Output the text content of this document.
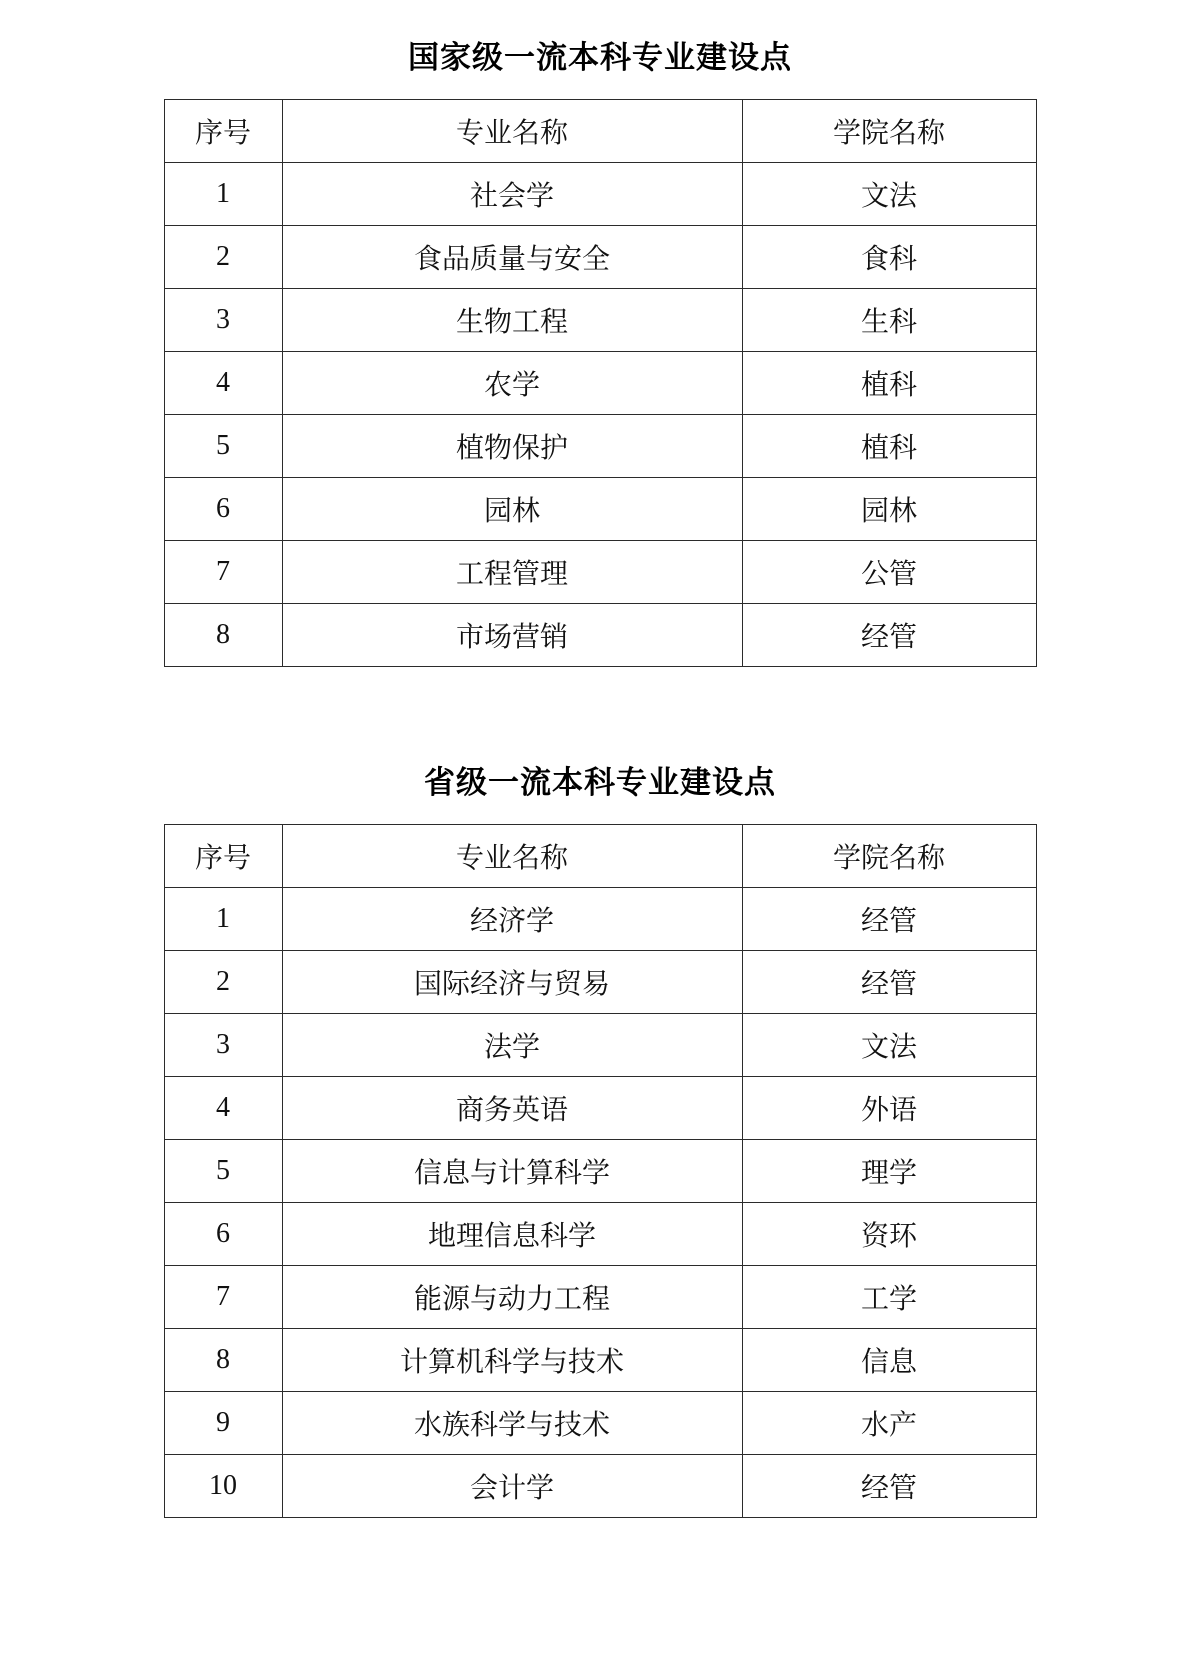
国家级一流本科专业建设点
序号	专业名称	学院名称
1	社会学	文法
2	食品质量与安全	食科
3	生物工程	生科
4	农学	植科
5	植物保护	植科
6	园林	园林
7	工程管理	公管
8	市场营销	经管
省级一流本科专业建设点
序号	专业名称	学院名称
1	经济学	经管
2	国际经济与贸易	经管
3	法学	文法
4	商务英语	外语
5	信息与计算科学	理学
6	地理信息科学	资环
7	能源与动力工程	工学
8	计算机科学与技术	信息
9	水族科学与技术	水产
10	会计学	经管
